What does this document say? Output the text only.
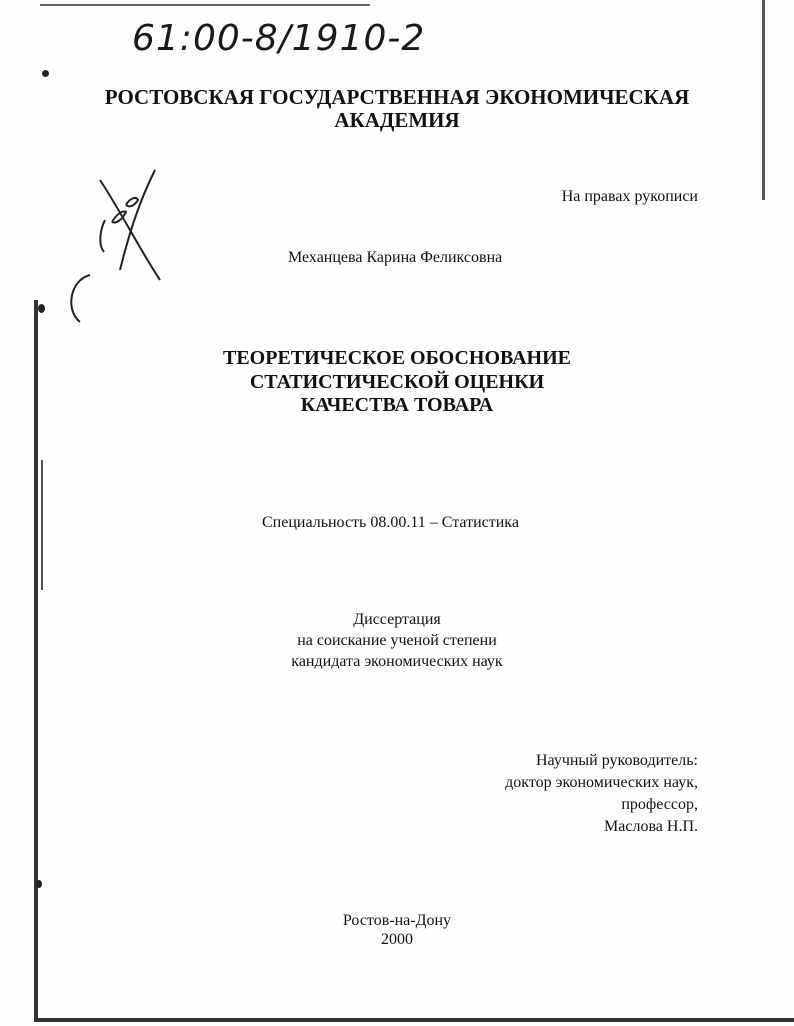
61:00-8/1910-2
РОСТОВСКАЯ ГОСУДАРСТВЕННАЯ ЭКОНОМИЧЕСКАЯ
АКАДЕМИЯ
На правах рукописи
Механцева Карина Феликсовна
ТЕОРЕТИЧЕСКОЕ ОБОСНОВАНИЕ
СТАТИСТИЧЕСКОЙ ОЦЕНКИ
КАЧЕСТВА ТОВАРА
Специальность 08.00.11 – Статистика
Диссертация
на соискание ученой степени
кандидата экономических наук
Научный руководитель:
доктор экономических наук,
профессор,
Маслова Н.П.
Ростов-на-Дону
2000
